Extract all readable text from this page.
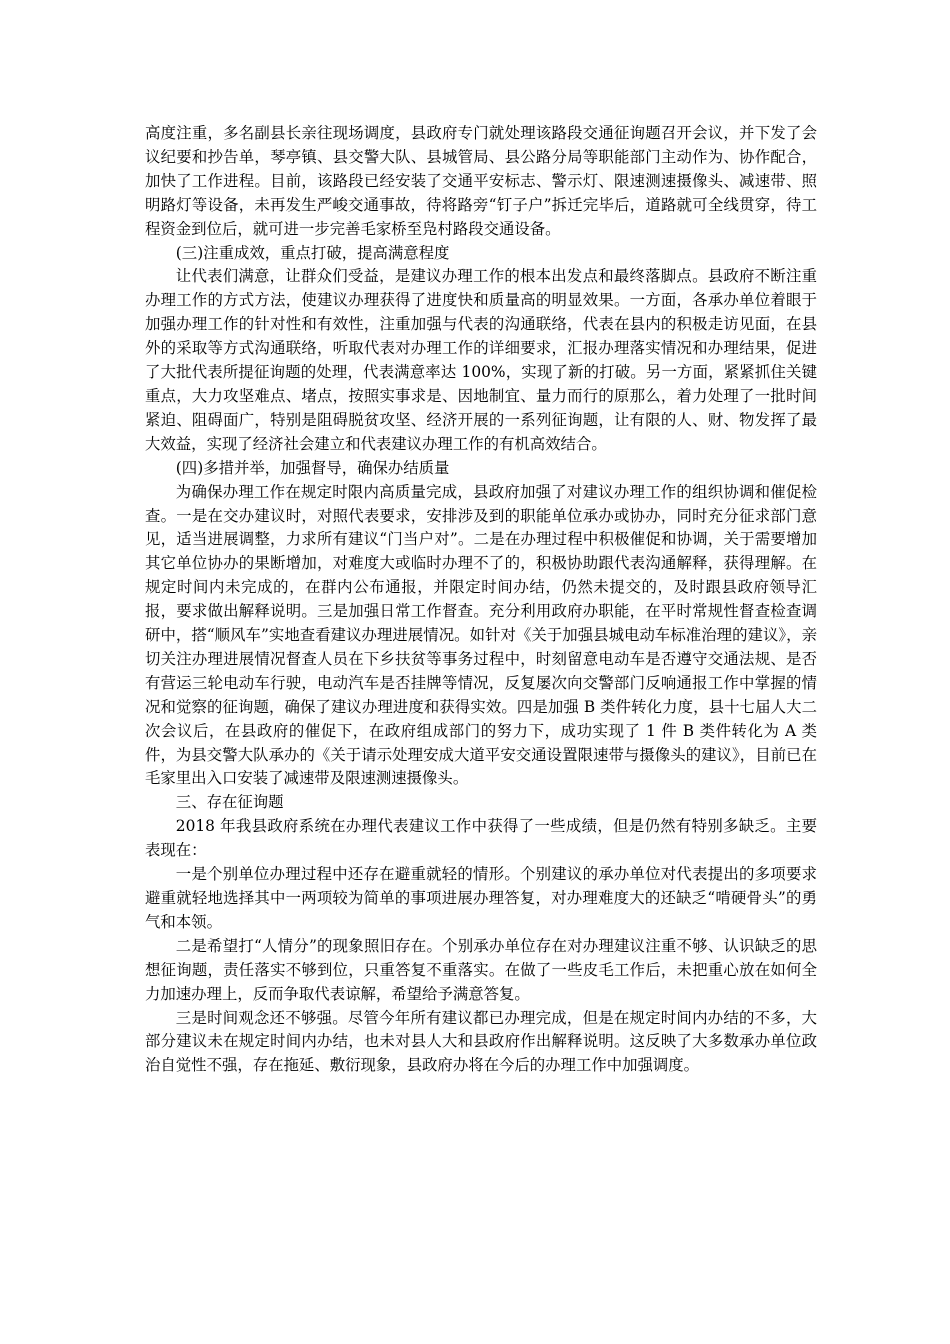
高度注重，多名副县长亲往现场调度，县政府专门就处理该路段交通征询题召开会议，并下发了会议纪要和抄告单，琴亭镇、县交警大队、县城管局、县公路分局等职能部门主动作为、协作配合，加快了工作进程。目前，该路段已经安装了交通平安标志、警示灯、限速测速摄像头、减速带、照明路灯等设备，未再发生严峻交通事故，待将路旁“钉子户”拆迁完毕后，道路就可全线贯穿，待工程资金到位后，就可进一步完善毛家桥至凫村路段交通设备。

(三)注重成效，重点打破，提高满意程度

让代表们满意，让群众们受益，是建议办理工作的根本出发点和最终落脚点。县政府不断注重办理工作的方式方法，使建议办理获得了进度快和质量高的明显效果。一方面，各承办单位着眼于加强办理工作的针对性和有效性，注重加强与代表的沟通联络，代表在县内的积极走访见面，在县外的采取等方式沟通联络，听取代表对办理工作的详细要求，汇报办理落实情况和办理结果，促进了大批代表所提征询题的处理，代表满意率达 100%，实现了新的打破。另一方面，紧紧抓住关键重点，大力攻坚难点、堵点，按照实事求是、因地制宜、量力而行的原那么，着力处理了一批时间紧迫、阻碍面广，特别是阻碍脱贫攻坚、经济开展的一系列征询题，让有限的人、财、物发挥了最大效益，实现了经济社会建立和代表建议办理工作的有机高效结合。

(四)多措并举，加强督导，确保办结质量

为确保办理工作在规定时限内高质量完成，县政府加强了对建议办理工作的组织协调和催促检查。一是在交办建议时，对照代表要求，安排涉及到的职能单位承办或协办，同时充分征求部门意见，适当进展调整，力求所有建议“门当户对”。二是在办理过程中积极催促和协调，关于需要增加其它单位协办的果断增加，对难度大或临时办理不了的，积极协助跟代表沟通解释，获得理解。在规定时间内未完成的，在群内公布通报，并限定时间办结，仍然未提交的，及时跟县政府领导汇报，要求做出解释说明。三是加强日常工作督查。充分利用政府办职能，在平时常规性督查检查调研中，搭“顺风车”实地查看建议办理进展情况。如针对《关于加强县城电动车标准治理的建议》，亲切关注办理进展情况督查人员在下乡扶贫等事务过程中，时刻留意电动车是否遵守交通法规、是否有营运三轮电动车行驶，电动汽车是否挂牌等情况，反复屡次向交警部门反响通报工作中掌握的情况和觉察的征询题，确保了建议办理进度和获得实效。四是加强 B 类件转化力度，县十七届人大二次会议后，在县政府的催促下，在政府组成部门的努力下，成功实现了 1 件 B 类件转化为 A 类件，为县交警大队承办的《关于请示处理安成大道平安交通设置限速带与摄像头的建议》，目前已在毛家里出入口安装了减速带及限速测速摄像头。

三、存在征询题

2018 年我县政府系统在办理代表建议工作中获得了一些成绩，但是仍然有特别多缺乏。主要表现在：

一是个别单位办理过程中还存在避重就轻的情形。个别建议的承办单位对代表提出的多项要求避重就轻地选择其中一两项较为简单的事项进展办理答复，对办理难度大的还缺乏“啃硬骨头”的勇气和本领。

二是希望打“人情分”的现象照旧存在。个别承办单位存在对办理建议注重不够、认识缺乏的思想征询题，责任落实不够到位，只重答复不重落实。在做了一些皮毛工作后，未把重心放在如何全力加速办理上，反而争取代表谅解，希望给予满意答复。

三是时间观念还不够强。尽管今年所有建议都已办理完成，但是在规定时间内办结的不多，大部分建议未在规定时间内办结，也未对县人大和县政府作出解释说明。这反映了大多数承办单位政治自觉性不强，存在拖延、敷衍现象，县政府办将在今后的办理工作中加强调度。
